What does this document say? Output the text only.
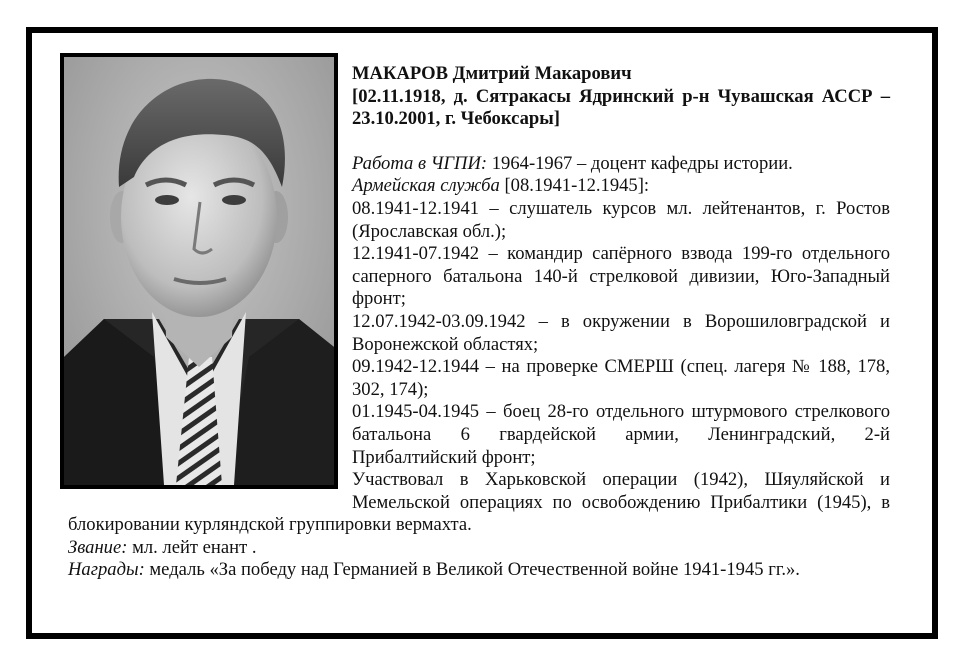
МАКАРОВ Дмитрий Макарович
[02.11.1918, д. Сятракасы Ядринский р-н Чувашская АССР – 23.10.2001, г. Чебоксары]

Работа в ЧГПИ: 1964-1967 – доцент кафедры истории.

Армейская служба [08.1941-12.1945]:

08.1941-12.1941 – слушатель курсов мл. лейтенантов, г. Ростов (Ярославская обл.);

12.1941-07.1942 – командир сапёрного взвода 199-го отдельного саперного батальона 140-й стрелковой дивизии, Юго-Западный фронт;

12.07.1942-03.09.1942 – в окружении в Ворошиловградской и Воронежской областях;

09.1942-12.1944 – на проверке СМЕРШ (спец. лагеря № 188, 178, 302, 174);

01.1945-04.1945 – боец 28-го отдельного штурмового стрелкового батальона 6 гвардейской армии, Ленинградский, 2-й Прибалтийский фронт;

Участвовал в Харьковской операции (1942), Шяуляйской и Мемельской операциях по освобождению Прибалтики (1945), в блокировании курляндской группировки вермахта.

Звание: мл. лейт енант .

Награды: медаль «За победу над Германией в Великой Отечественной войне 1941-1945 гг.».
